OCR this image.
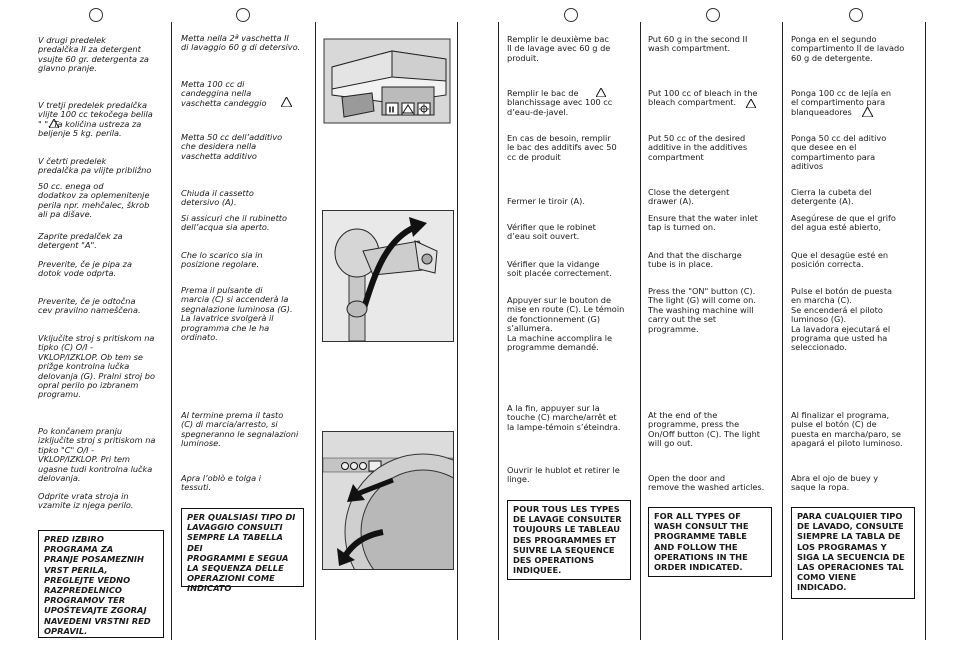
V drugi predelek
predalčka II za detergent
vsujte 60 gr. detergenta za
glavno pranje.
V tretji predelek predalčka
vlijte 100 cc tekočega belila
" ". Ta količina ustreza za
beljenje 5 kg. perila.
V četrti predelek
predalčka pa vlijte približno
50 cc. enega od
dodatkov za oplemenitenje
perila npr. mehčalec, škrob
ali pa dišave.
Zaprite predalček za
detergent "A".
Preverite, če je pipa za
dotok vode odprta.
Preverite, če je odtočna
cev pravilno nameščena.
Vključite stroj s pritiskom na
tipko (C) O/I -
VKLOP/IZKLOP. Ob tem se
prižge kontrolna lučka
delovanja (G). Pralni stroj bo
opral perilo po izbranem
programu.
Po končanem pranju
izključite stroj s pritiskom na
tipko "C" O/I -
VKLOP/IZKLOP. Pri tem
ugasne tudi kontrolna lučka
delovanja.
Odprite vrata stroja in
vzamite iz njega perilo.
PRED IZBIRO
PROGRAMA ZA
PRANJE POSAMEZNIH
VRST PERILA,
PREGLEJTE VEDNO
RAZPREDELNICO
PROGRAMOV TER
UPOŠTEVAJTE ZGORAJ
NAVEDENI VRSTNI RED
OPRAVIL.
Metta nella 2ª vaschetta II
di lavaggio 60 g di detersivo.
Metta 100 cc di
candeggina nella
vaschetta candeggio
Metta 50 cc dell’additivo
che desidera nella
vaschetta additivo
Chiuda il cassetto
detersivo (A).
Si assicuri che il rubinetto
dell’acqua sia aperto.
Che lo scarico sia in
posizione regolare.
Prema il pulsante di
marcia (C) si accenderà la
segnalazione luminosa (G).
La lavatrice svolgerà il
programma che le ha
ordinato.
Al termine prema il tasto
(C) di marcia/arresto, si
spegneranno le segnalazioni
luminose.
Apra l’oblò e tolga i
tessuti.
PER QUALSIASI TIPO DI
LAVAGGIO CONSULTI
SEMPRE LA TABELLA DEI
PROGRAMMI E SEGUA
LA SEQUENZA DELLE
OPERAZIONI COME
INDICATO
II
Remplir le deuxième bac
II de lavage avec 60 g de
produit.
Remplir le bac de
blanchissage avec 100 cc
d’eau-de-javel.
En cas de besoin, remplir
le bac des additifs avec 50
cc de produit
Fermer le tiroir (A).
Vérifier que le robinet
d’eau soit ouvert.
Vérifier que la vidange
soit placée correctement.
Appuyer sur le bouton de
mise en route (C). Le témoin
de fonctionnement (G)
s’allumera.
La machine accomplira le
programme demandé.
A la fin, appuyer sur la
touche (C) marche/arrêt et
la lampe-témoin s’éteindra.
Ouvrir le hublot et retirer le
linge.
POUR TOUS LES TYPES
DE LAVAGE CONSULTER
TOUJOURS LE TABLEAU
DES PROGRAMMES ET
SUIVRE LA SEQUENCE
DES OPERATIONS
INDIQUEE.
Put 60 g in the second II
wash compartment.
Put 100 cc of bleach in the
bleach compartment.
Put 50 cc of the desired
additive in the additives
compartment
Close the detergent
drawer (A).
Ensure that the water inlet
tap is turned on.
And that the discharge
tube is in place.
Press the "ON" button (C).
The light (G) will come on.
The washing machine will
carry out the set
programme.
At the end of the
programme, press the
On/Off button (C). The light
will go out.
Open the door and
remove the washed articles.
FOR ALL TYPES OF
WASH CONSULT THE
PROGRAMME TABLE
AND FOLLOW THE
OPERATIONS IN THE
ORDER INDICATED.
Ponga en el segundo
compartimento II de lavado
60 g de detergente.
Ponga 100 cc de lejía en
el compartimento para
blanqueadores
Ponga 50 cc del aditivo
que desee en el
compartimento para
aditivos
Cierra la cubeta del
detergente (A).
Asegúrese de que el grifo
del agua esté abierto,
Que el desagüe esté en
posición correcta.
Pulse el botón de puesta
en marcha (C).
Se encenderá el piloto
luminoso (G).
La lavadora ejecutará el
programa que usted ha
seleccionado.
Al finalizar el programa,
pulse el botón (C) de
puesta en marcha/paro, se
apagará el piloto luminoso.
Abra el ojo de buey y
saque la ropa.
PARA CUALQUIER TIPO
DE LAVADO, CONSULTE
SIEMPRE LA TABLA DE
LOS PROGRAMAS Y
SIGA LA SECUENCIA DE
LAS OPERACIONES TAL
COMO VIENE
INDICADO.
